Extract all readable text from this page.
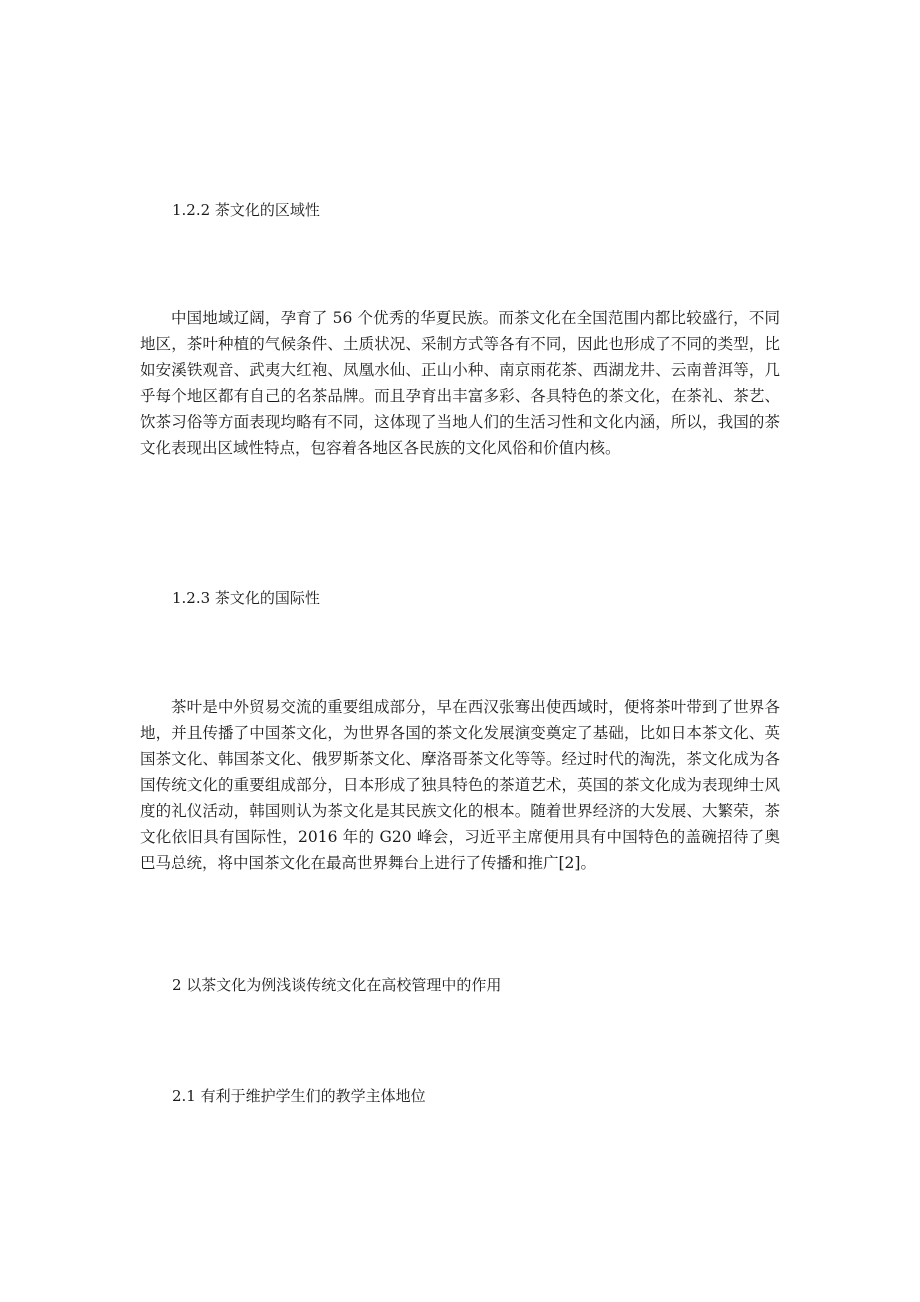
1.2.2 茶文化的区域性
中国地域辽阔，孕育了 56 个优秀的华夏民族。而茶文化在全国范围内都比较盛行，不同地区，茶叶种植的气候条件、土质状况、采制方式等各有不同，因此也形成了不同的类型，比如安溪铁观音、武夷大红袍、凤凰水仙、正山小种、南京雨花茶、西湖龙井、云南普洱等，几乎每个地区都有自己的名茶品牌。而且孕育出丰富多彩、各具特色的茶文化，在茶礼、茶艺、饮茶习俗等方面表现均略有不同，这体现了当地人们的生活习性和文化内涵，所以，我国的茶文化表现出区域性特点，包容着各地区各民族的文化风俗和价值内核。
1.2.3 茶文化的国际性
茶叶是中外贸易交流的重要组成部分，早在西汉张骞出使西域时，便将茶叶带到了世界各地，并且传播了中国茶文化，为世界各国的茶文化发展演变奠定了基础，比如日本茶文化、英国茶文化、韩国茶文化、俄罗斯茶文化、摩洛哥茶文化等等。经过时代的淘洗，茶文化成为各国传统文化的重要组成部分，日本形成了独具特色的茶道艺术，英国的茶文化成为表现绅士风度的礼仪活动，韩国则认为茶文化是其民族文化的根本。随着世界经济的大发展、大繁荣，茶文化依旧具有国际性，2016 年的 G20 峰会，习近平主席便用具有中国特色的盖碗招待了奥巴马总统，将中国茶文化在最高世界舞台上进行了传播和推广[2]。
2 以茶文化为例浅谈传统文化在高校管理中的作用
2.1 有利于维护学生们的教学主体地位
